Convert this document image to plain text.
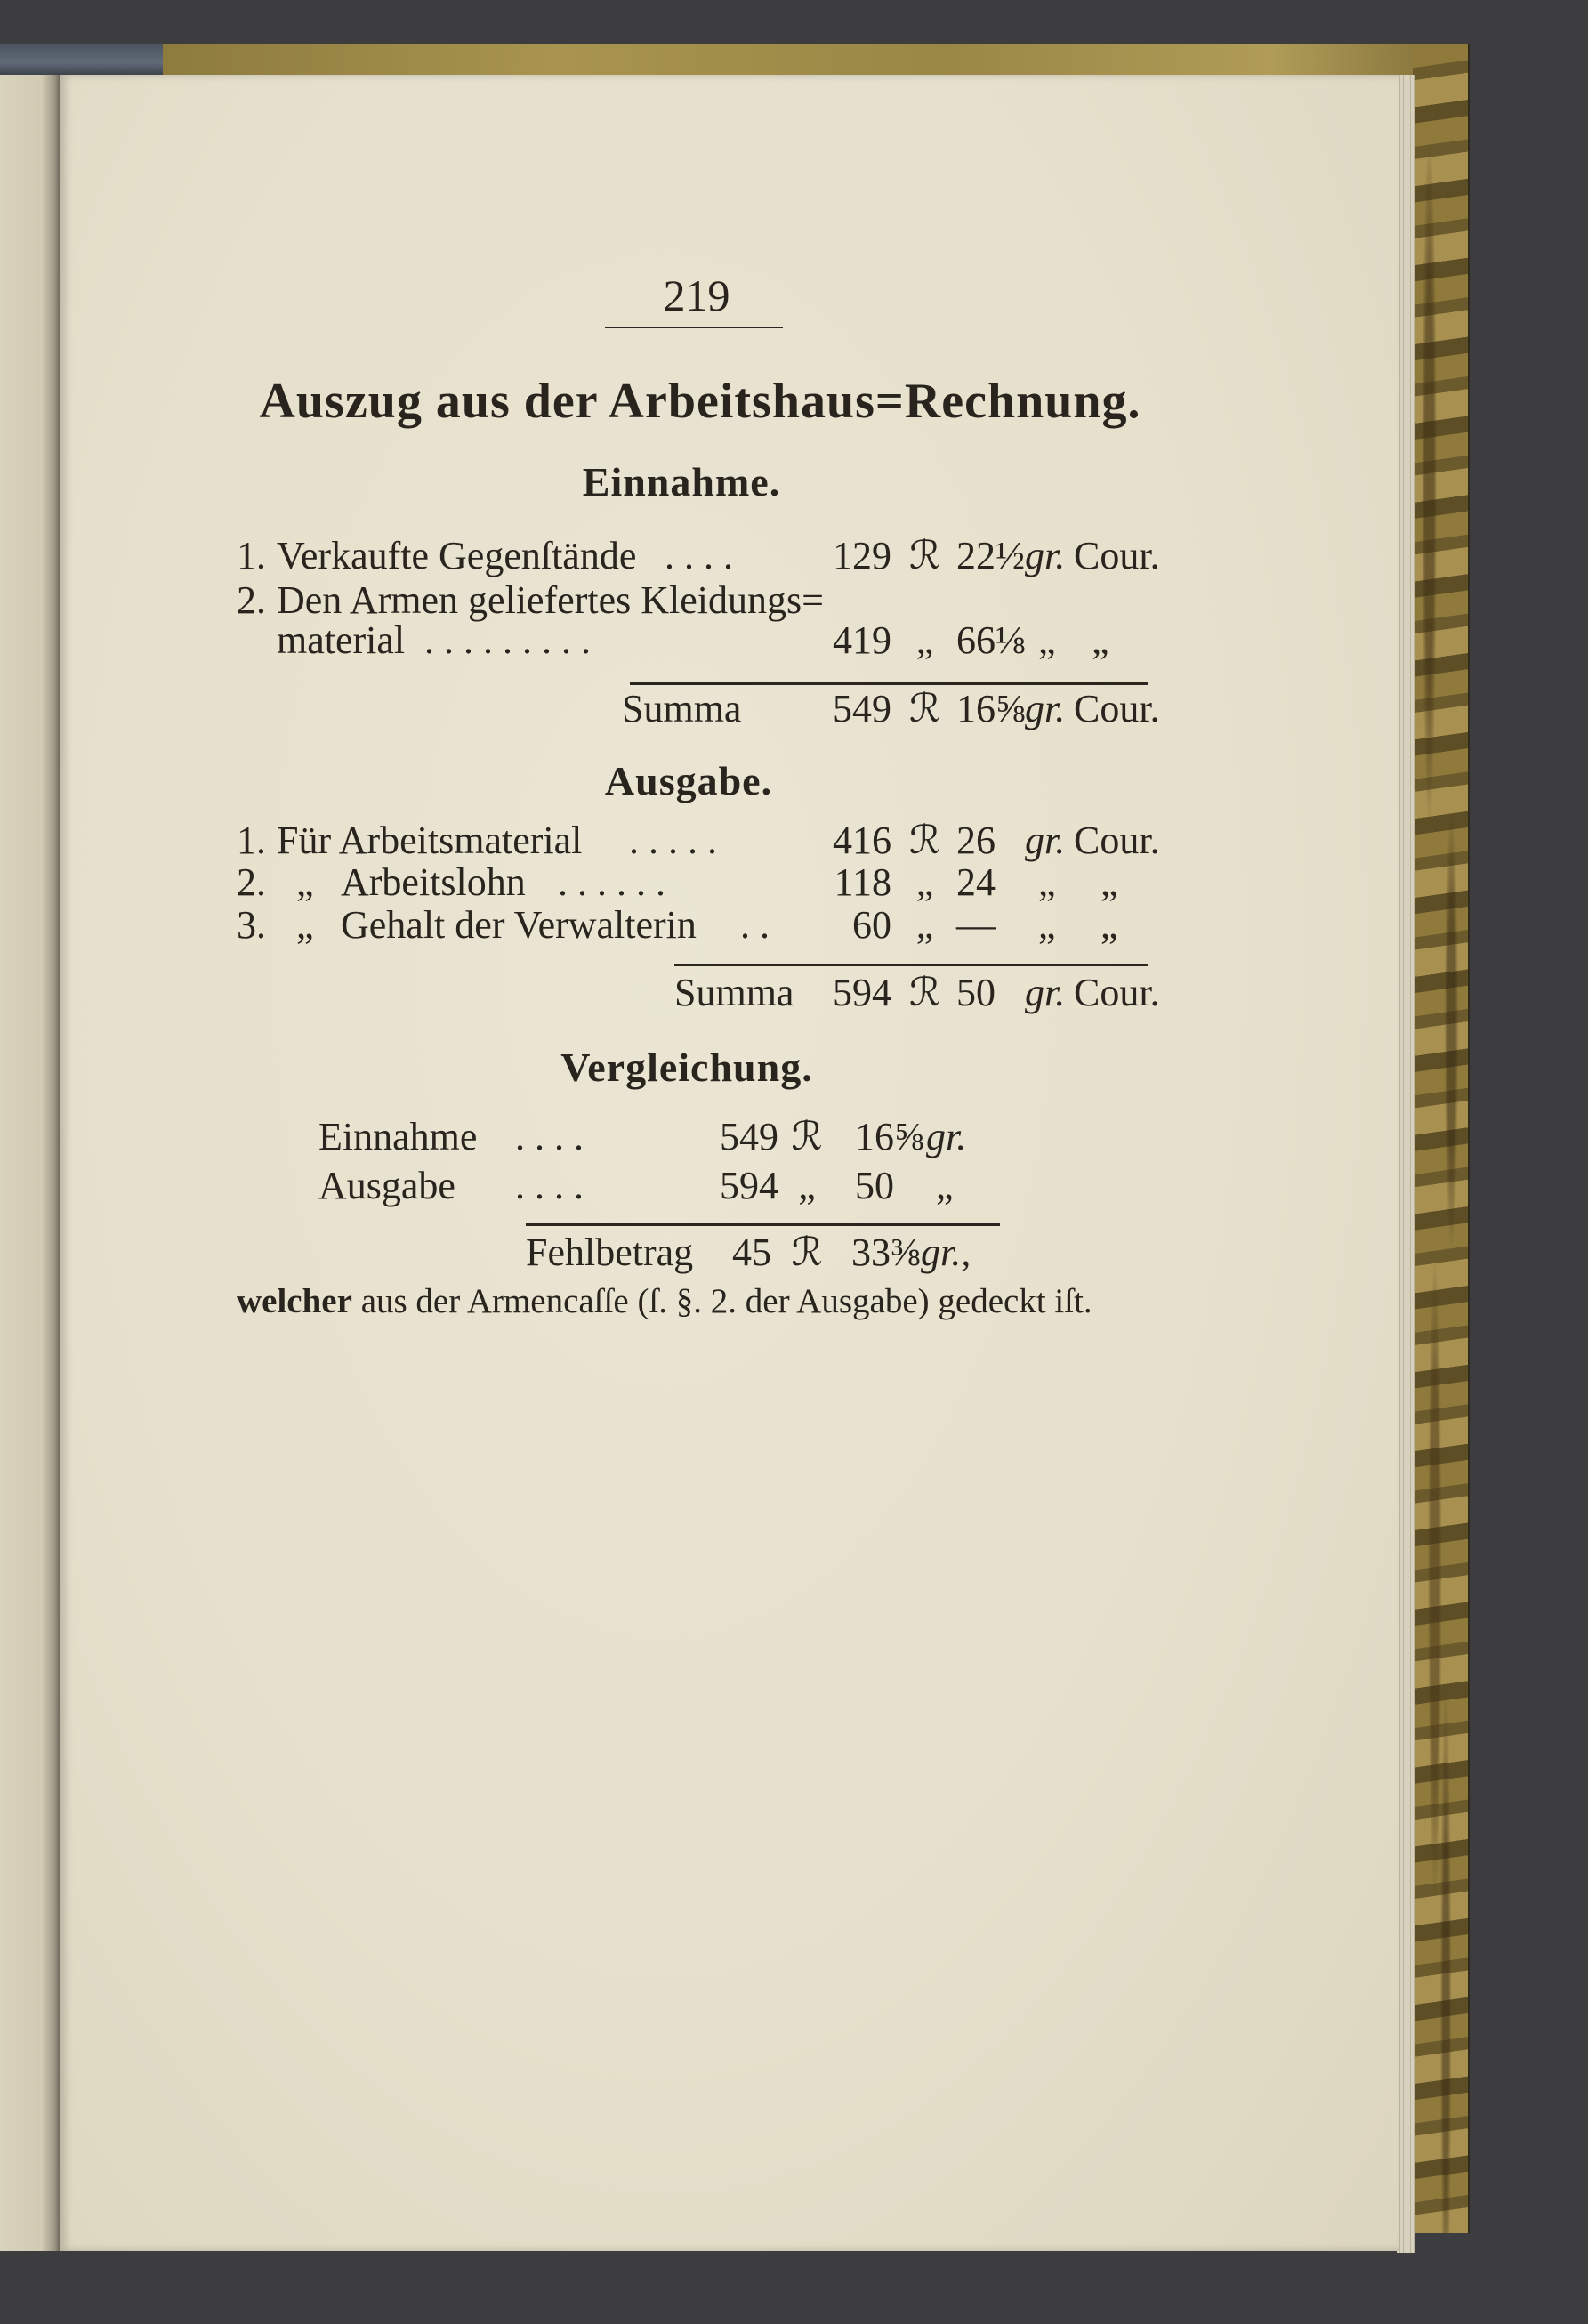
219
Auszug aus der Arbeitshaus=Rechnung.
Einnahme.
1. Verkaufte Gegenſtände . . . .	129 ℛ 22½ gr. Cour.
2. Den Armen geliefertes Kleidungs=
material . . . . . . . . .	419 „ 66⅛ „ „
Summa	549 ℛ 16⅝ gr. Cour.
Ausgabe.
1. Für Arbeitsmaterial . . . . .	416 ℛ 26 gr. Cour.
2. „ Arbeitslohn . . . . . .	118 „ 24 „ „
3. „ Gehalt der Verwalterin . .	60 „ — „ „
Summa 594 ℛ 50 gr. Cour.
Vergleichung.
Einnahme . . . .	549 ℛ 16⅝ gr.
Ausgabe . . . .	594 „	50 „
Fehlbetrag 45 ℛ 33⅜ gr.,
welcher aus der Armencaſſe (ſ. §. 2. der Ausgabe) gedeckt iſt.
